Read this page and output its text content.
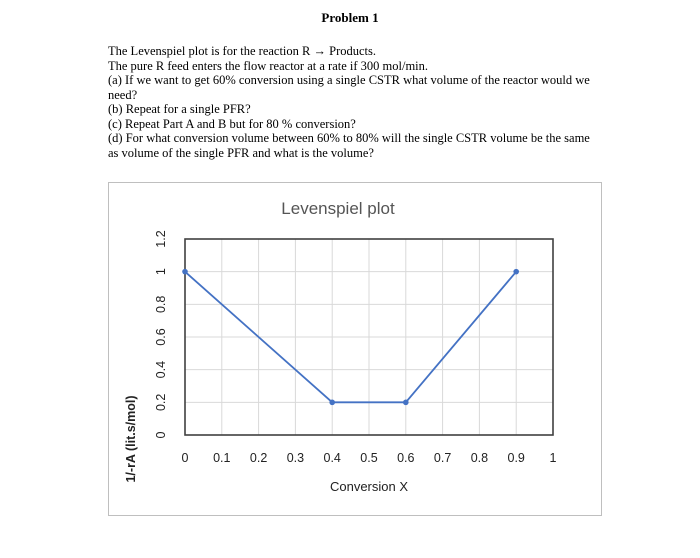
Problem 1

The Levenspiel plot is for the reaction R → Products.

The pure R feed enters the flow reactor at a rate if 300 mol/min.

(a) If we want to get 60% conversion using a single CSTR what volume of the reactor would we need?

(b) Repeat for a single PFR?

(c) Repeat Part A and B but for 80 % conversion?

(d) For what conversion volume between 60% to 80% will the single CSTR volume be the same as volume of the single PFR and what is the volume?

Levenspiel plot
Conversion X
1/-rA (lit.s/mol)	0 0.1 0.2 0.3 0.4 0.5 0.6 0.7 0.8 0.9 1
1.2
1
0.8
0.6
0.4
0.2
0
